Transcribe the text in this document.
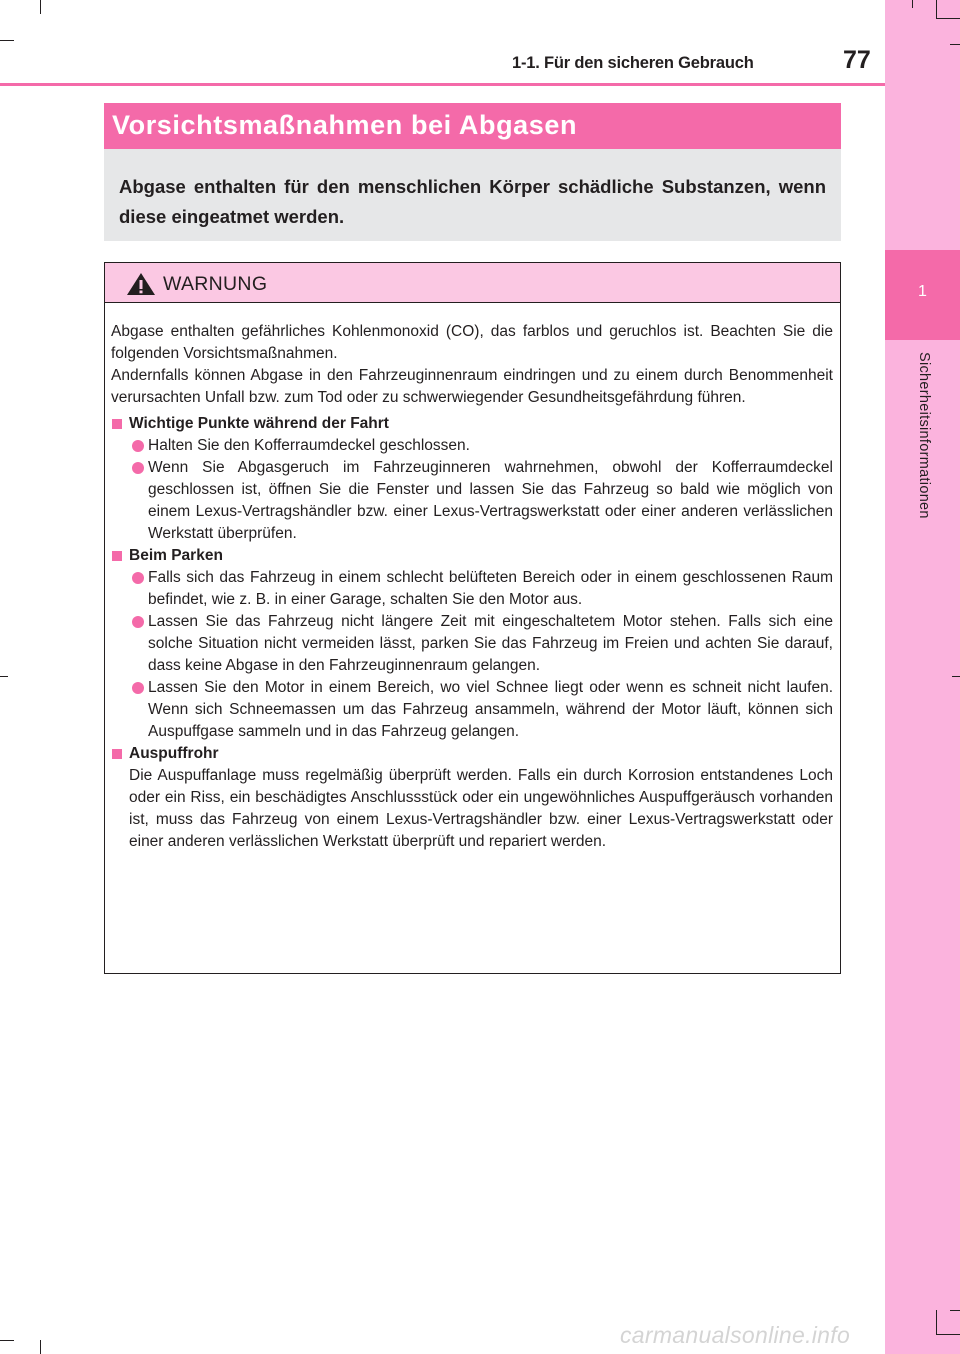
1-1. Für den sicheren Gebrauch	77
1
Sicherheitsinformationen
Vorsichtsmaßnahmen bei Abgasen
Abgase enthalten für den menschlichen Körper schädliche Substanzen, wenn diese eingeatmet werden.
WARNUNG

Abgase enthalten gefährliches Kohlenmonoxid (CO), das farblos und geruchlos ist. Beachten Sie die folgenden Vorsichtsmaßnahmen.

Andernfalls können Abgase in den Fahrzeuginnenraum eindringen und zu einem durch Benommenheit verursachten Unfall bzw. zum Tod oder zu schwerwiegender Gesundheitsgefährdung führen.

Wichtige Punkte während der Fahrt

Halten Sie den Kofferraumdeckel geschlossen.

Wenn Sie Abgasgeruch im Fahrzeuginneren wahrnehmen, obwohl der Kofferraumdeckel geschlossen ist, öffnen Sie die Fenster und lassen Sie das Fahrzeug so bald wie möglich von einem Lexus-Vertragshändler bzw. einer Lexus-Vertragswerkstatt oder einer anderen verlässlichen Werkstatt überprüfen.

Beim Parken

Falls sich das Fahrzeug in einem schlecht belüfteten Bereich oder in einem geschlossenen Raum befindet, wie z. B. in einer Garage, schalten Sie den Motor aus.

Lassen Sie das Fahrzeug nicht längere Zeit mit eingeschaltetem Motor stehen. Falls sich eine solche Situation nicht vermeiden lässt, parken Sie das Fahrzeug im Freien und achten Sie darauf, dass keine Abgase in den Fahrzeuginnenraum gelangen.

Lassen Sie den Motor in einem Bereich, wo viel Schnee liegt oder wenn es schneit nicht laufen. Wenn sich Schneemassen um das Fahrzeug ansammeln, während der Motor läuft, können sich Auspuffgase sammeln und in das Fahrzeug gelangen.

Auspuffrohr

Die Auspuffanlage muss regelmäßig überprüft werden. Falls ein durch Korrosion entstandenes Loch oder ein Riss, ein beschädigtes Anschlussstück oder ein ungewöhnliches Auspuffgeräusch vorhanden ist, muss das Fahrzeug von einem Lexus-Vertragshändler bzw. einer Lexus-Vertragswerkstatt oder einer anderen verlässlichen Werkstatt überprüft und repariert werden.

carmanualsonline.info
